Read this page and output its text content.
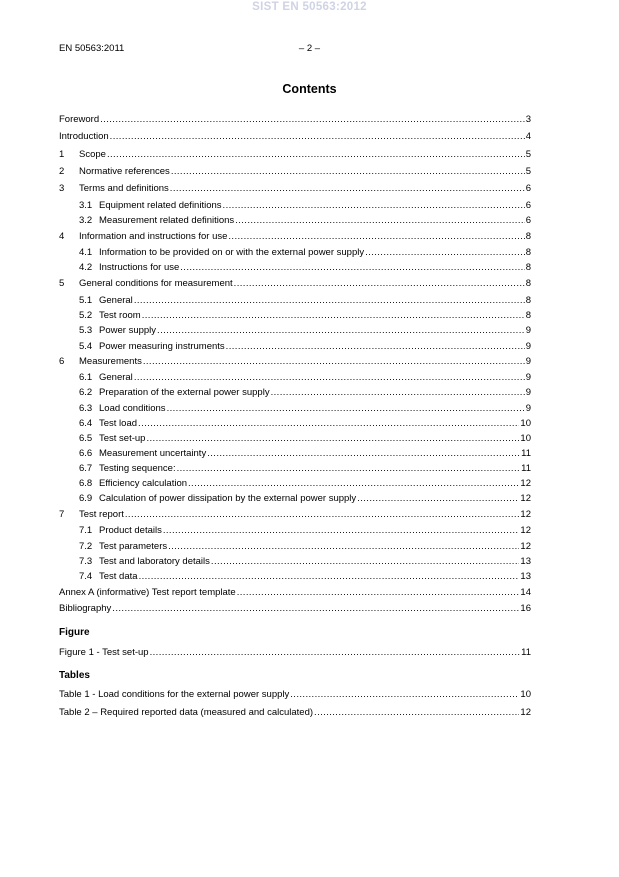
SIST EN 50563:2012
EN 50563:2011	– 2 –
Contents
Foreword .....	3
Introduction .....	4
1	Scope .....	5
2	Normative references .....	5
3	Terms and definitions .....	6
3.1 Equipment related definitions .....	6
3.2 Measurement related definitions .....	6
4	Information and instructions for use .....	8
4.1 Information to be provided on or with the external power supply .....	8
4.2 Instructions for use .....	8
5	General conditions for measurement .....	8
5.1 General .....	8
5.2 Test room .....	8
5.3 Power supply .....	9
5.4 Power measuring instruments .....	9
6	Measurements .....	9
6.1 General .....	9
6.2 Preparation of the external power supply .....	9
6.3 Load conditions .....	9
6.4 Test load .....	10
6.5 Test set-up .....	10
6.6 Measurement uncertainty .....	11
6.7 Testing sequence: .....	11
6.8 Efficiency calculation .....	12
6.9 Calculation of power dissipation by the external power supply .....	12
7	Test report .....	12
7.1 Product details .....	12
7.2 Test parameters .....	12
7.3 Test and laboratory details .....	13
7.4 Test data .....	13
Annex A (informative) Test report template .....	14
Bibliography .....	16
Figure
Figure 1 - Test set-up .....	11
Tables
Table 1 - Load conditions for the external power supply .....	10
Table 2 – Required reported data (measured and calculated) .....	12
